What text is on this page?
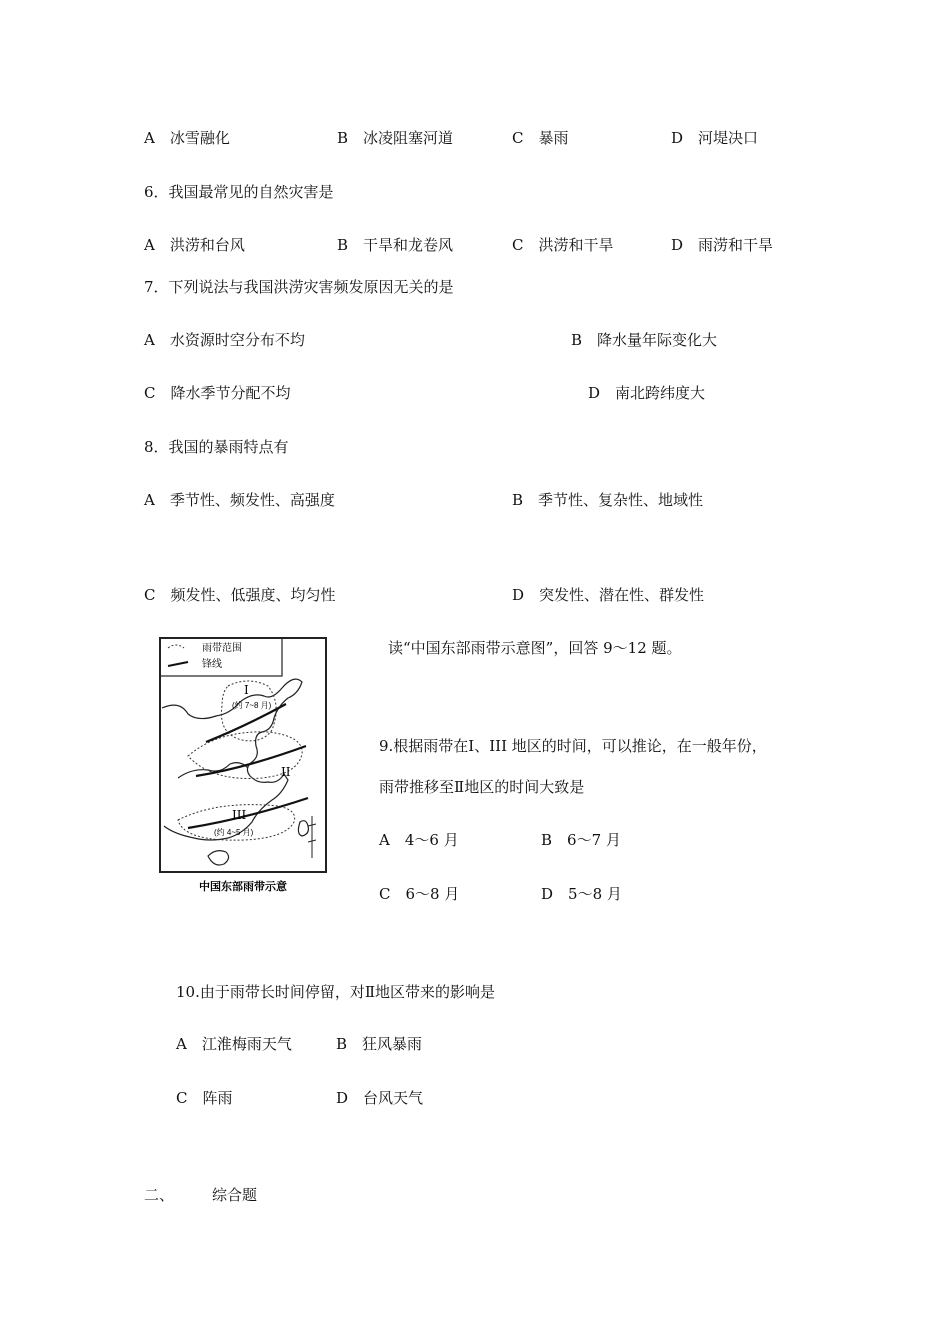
A　冰雪融化	B　冰凌阻塞河道	C　暴雨	D　河堤决口
6．我国最常见的自然灾害是
A　洪涝和台风	B　干旱和龙卷风	C　洪涝和干旱	D　雨涝和干旱
7．下列说法与我国洪涝灾害频发原因无关的是
A　水资源时空分布不均	B　降水量年际变化大
C　降水季节分配不均	D　南北跨纬度大
8．我国的暴雨特点有
A　季节性、频发性、高强度	B　季节性、复杂性、地域性
C　频发性、低强度、均匀性	D　突发性、潜在性、群发性
雨带范围
锋线
I
(约 7~8 月)
II
III
(约 4~5 月)
中国东部雨带示意
读“中国东部雨带示意图”，回答 9～12 题。
9.根据雨带在Ⅰ、III 地区的时间，可以推论，在一般年份，
雨带推移至Ⅱ地区的时间大致是
A　4～6 月	B　6～7 月
C　6～8 月	D　5～8 月
10.由于雨带长时间停留，对Ⅱ地区带来的影响是
A　江淮梅雨天气	B　狂风暴雨
C　阵雨	D　台风天气
二、	综合题
